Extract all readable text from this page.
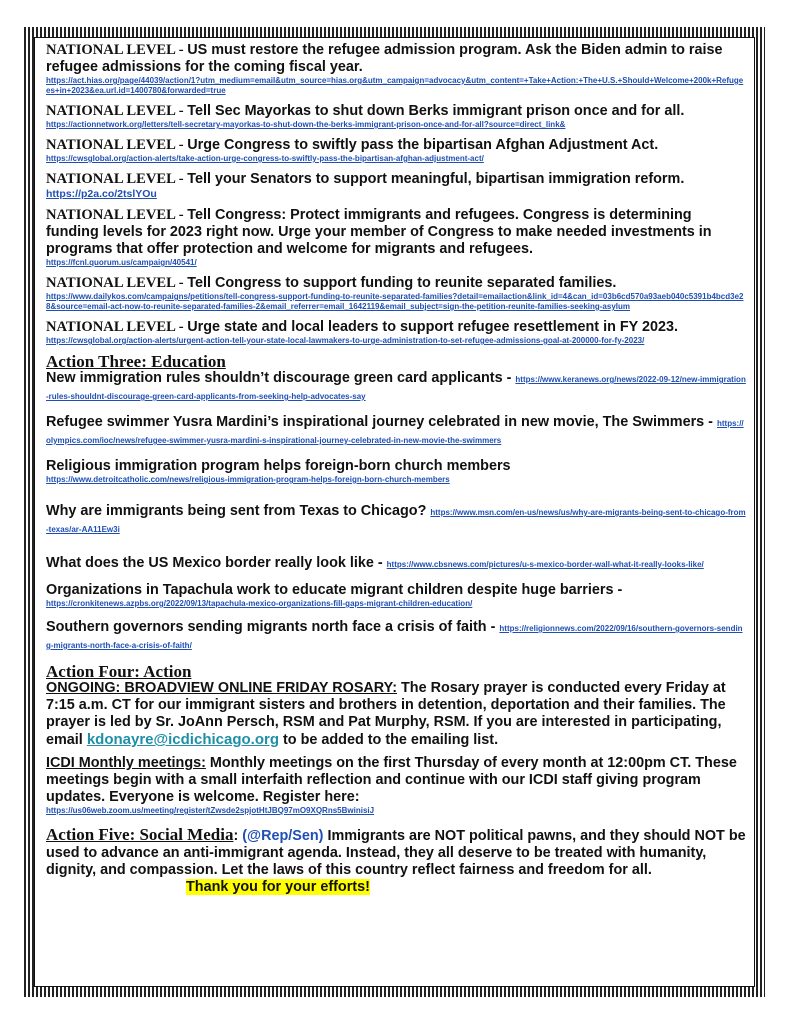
NATIONAL LEVEL - US must restore the refugee admission program. Ask the Biden admin to raise refugee admissions for the coming fiscal year.
https://act.hias.org/page/44039/action/1?utm_medium=email&utm_source=hias.org&utm_campaign=advocacy&utm_content=+Take+Action:+The+U.S.+Should+Welcome+200k+Refugees+in+2023&ea.url.id=1400780&forwarded=true
NATIONAL LEVEL - Tell Sec Mayorkas to shut down Berks immigrant prison once and for all.
https://actionnetwork.org/letters/tell-secretary-mayorkas-to-shut-down-the-berks-immigrant-prison-once-and-for-all?source=direct_link&
NATIONAL LEVEL - Urge Congress to swiftly pass the bipartisan Afghan Adjustment Act.
https://cwsglobal.org/action-alerts/take-action-urge-congress-to-swiftly-pass-the-bipartisan-afghan-adjustment-act/
NATIONAL LEVEL - Tell your Senators to support meaningful, bipartisan immigration reform.
https://p2a.co/2tslYOu
NATIONAL LEVEL - Tell Congress: Protect immigrants and refugees. Congress is determining funding levels for 2023 right now. Urge your member of Congress to make needed investments in programs that offer protection and welcome for migrants and refugees.
https://fcnl.quorum.us/campaign/40541/
NATIONAL LEVEL - Tell Congress to support funding to reunite separated families.
https://www.dailykos.com/campaigns/petitions/tell-congress-support-funding-to-reunite-separated-families?detail=emailaction&link_id=4&can_id=03b6cd570a93aeb040c5391b4bcd3e28&source=email-act-now-to-reunite-separated-families-2&email_referrer=email_1642119&email_subject=sign-the-petition-reunite-families-seeking-asylum
NATIONAL LEVEL - Urge state and local leaders to support refugee resettlement in FY 2023.
https://cwsglobal.org/action-alerts/urgent-action-tell-your-state-local-lawmakers-to-urge-administration-to-set-refugee-admissions-goal-at-200000-for-fy-2023/
Action Three: Education
New immigration rules shouldn’t discourage green card applicants - https://www.keranews.org/news/2022-09-12/new-immigration-rules-shouldnt-discourage-green-card-applicants-from-seeking-help-advocates-say
Refugee swimmer Yusra Mardini’s inspirational journey celebrated in new movie, The Swimmers - https://olympics.com/ioc/news/refugee-swimmer-yusra-mardini-s-inspirational-journey-celebrated-in-new-movie-the-swimmers
Religious immigration program helps foreign-born church members
https://www.detroitcatholic.com/news/religious-immigration-program-helps-foreign-born-church-members
Why are immigrants being sent from Texas to Chicago? https://www.msn.com/en-us/news/us/why-are-migrants-being-sent-to-chicago-from-texas/ar-AA11Ew3i
What does the US Mexico border really look like - https://www.cbsnews.com/pictures/u-s-mexico-border-wall-what-it-really-looks-like/
Organizations in Tapachula work to educate migrant children despite huge barriers -
https://cronkitenews.azpbs.org/2022/09/13/tapachula-mexico-organizations-fill-gaps-migrant-children-education/
Southern governors sending migrants north face a crisis of faith - https://religionnews.com/2022/09/16/southern-governors-sending-migrants-north-face-a-crisis-of-faith/
Action Four: Action
ONGOING: BROADVIEW ONLINE FRIDAY ROSARY: The Rosary prayer is conducted every Friday at 7:15 a.m. CT for our immigrant sisters and brothers in detention, deportation and their families. The prayer is led by Sr. JoAnn Persch, RSM and Pat Murphy, RSM. If you are interested in participating, email kdonayre@icdichicago.org to be added to the emailing list.
ICDI Monthly meetings: Monthly meetings on the first Thursday of every month at 12:00pm CT. These meetings begin with a small interfaith reflection and continue with our ICDI staff giving program updates. Everyone is welcome. Register here:
https://us06web.zoom.us/meeting/register/tZwsde2spjotHtJBQ97mO9XQRns5BwinisiJ
Action Five: Social Media: (@Rep/Sen) Immigrants are NOT political pawns, and they should NOT be used to advance an anti-immigrant agenda. Instead, they all deserve to be treated with humanity, dignity, and compassion. Let the laws of this country reflect fairness and freedom for all. Thank you for your efforts!
